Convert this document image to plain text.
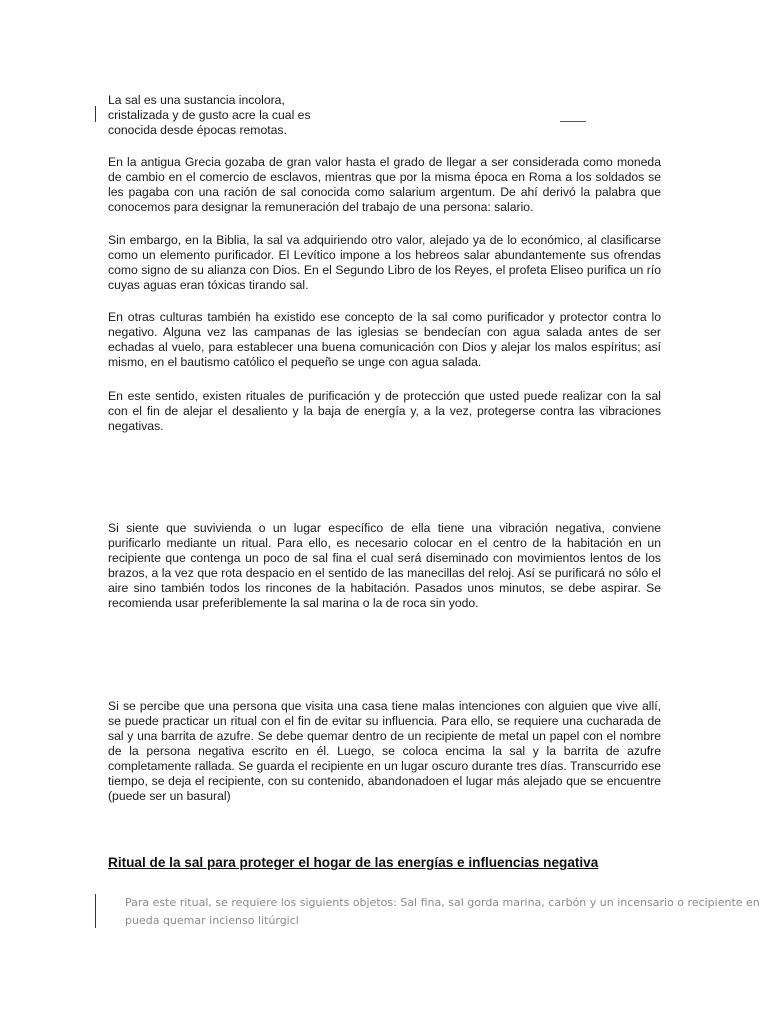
La sal es una sustancia incolora,
cristalizada y de gusto acre la cual es
conocida desde épocas remotas.

En la antigua Grecia gozaba de gran valor hasta el grado de llegar a ser considerada como moneda de cambio en el comercio de esclavos, mientras que por la misma época en Roma a los soldados se les pagaba con una ración de sal conocida como salarium argentum. De ahí derivó la palabra que conocemos para designar la remuneración del trabajo de una persona: salario.

Sin embargo, en la Biblia, la sal va adquiriendo otro valor, alejado ya de lo económico, al clasificarse como un elemento purificador. El Levítico impone a los hebreos salar abundantemente sus ofrendas como signo de su alianza con Dios. En el Segundo Libro de los Reyes, el profeta Eliseo purifica un río cuyas aguas eran tóxicas tirando sal.

En otras culturas también ha existido ese concepto de la sal como purificador y protector contra lo negativo. Alguna vez las campanas de las iglesias se bendecían con agua salada antes de ser echadas al vuelo, para establecer una buena comunicación con Dios y alejar los malos espíritus; así mismo, en el bautismo católico el pequeño se unge con agua salada.

En este sentido, existen rituales de purificación y de protección que usted puede realizar con la sal con el fin de alejar el desaliento y la baja de energía y, a la vez, protegerse contra las vibraciones negativas.

Si siente que suvivienda o un lugar específico de ella tiene una vibración negativa, conviene purificarlo mediante un ritual. Para ello, es necesario colocar en el centro de la habitación en un recipiente que contenga un poco de sal fina el cual será diseminado con movimientos lentos de los brazos, a la vez que rota despacio en el sentido de las manecillas del reloj. Así se purificará no sólo el aire sino también todos los rincones de la habitación. Pasados unos minutos, se debe aspirar. Se recomienda usar preferiblemente la sal marina o la de roca sin yodo.

Si se percibe que una persona que visita una casa tiene malas intenciones con alguien que vive allí, se puede practicar un ritual con el fin de evitar su influencia. Para ello, se requiere una cucharada de sal y una barrita de azufre. Se debe quemar dentro de un recipiente de metal un papel con el nombre de la persona negativa escrito en él. Luego, se coloca encima la sal y la barrita de azufre completamente rallada. Se guarda el recipiente en un lugar oscuro durante tres días. Transcurrido ese tiempo, se deja el recipiente, con su contenido, abandonadoen el lugar más alejado que se encuentre (puede ser un basural)

Ritual de la sal para proteger el hogar de las energías e influencias negativa

Para este ritual, se requiere los siguients objetos: Sal fina, sal gorda marina, carbón y un incensario o recipiente en
pueda quemar incienso litúrgicl
